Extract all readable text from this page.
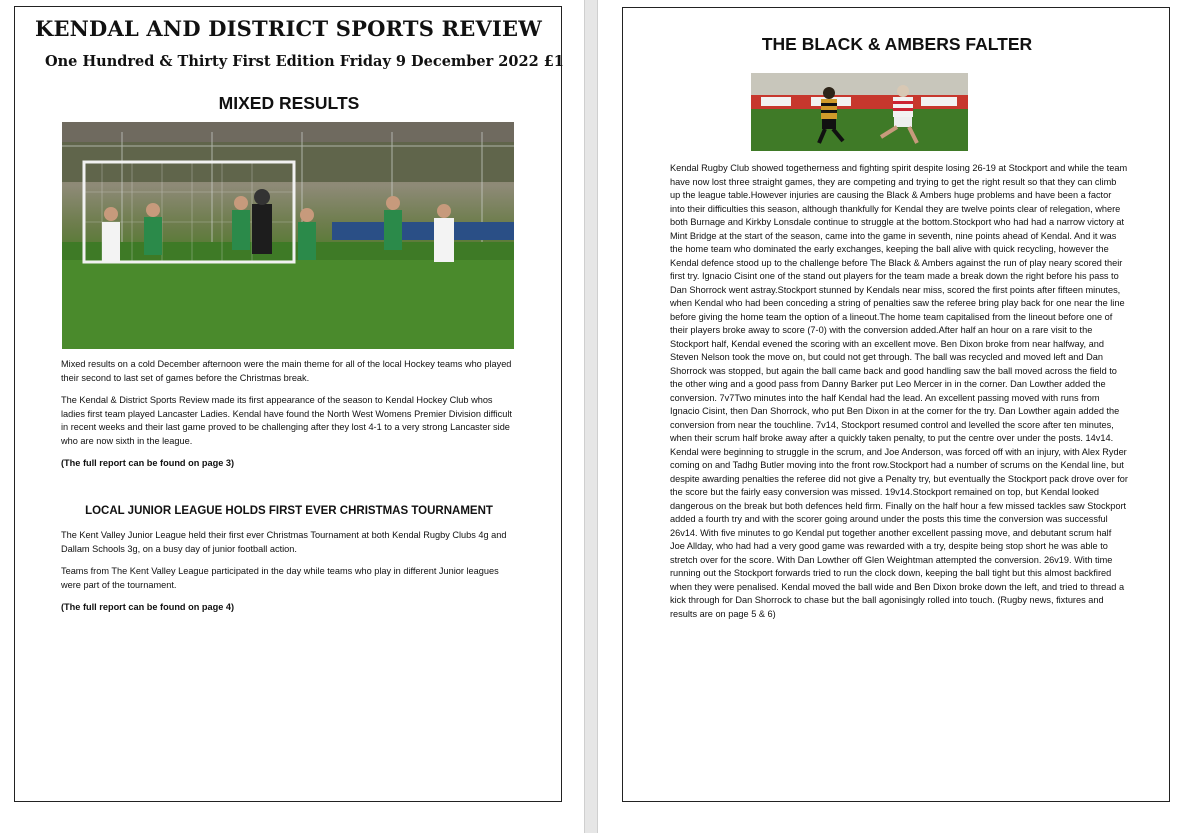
KENDAL AND DISTRICT SPORTS REVIEW
One Hundred & Thirty First Edition Friday 9 December 2022 £1
MIXED RESULTS

Mixed results on a cold December afternoon were the main theme for all of the local Hockey teams who played their second to last set of games before the Christmas break.

The Kendal & District Sports Review made its first appearance of the season to Kendal Hockey Club whos ladies first team played Lancaster Ladies. Kendal have found the North West Womens Premier Division difficult in recent weeks and their last game proved to be challenging after they lost 4-1 to a very strong Lancaster side who are now sixth in the league.

(The full report can be found on page 3)

LOCAL JUNIOR LEAGUE HOLDS FIRST EVER CHRISTMAS TOURNAMENT

The Kent Valley Junior League held their first ever Christmas Tournament at both Kendal Rugby Clubs 4g and Dallam Schools 3g, on a busy day of junior football action.

Teams from The Kent Valley League participated in the day while teams who play in different Junior leagues were part of the tournament.

(The full report can be found on page 4)

THE BLACK & AMBERS FALTER

Kendal Rugby Club showed togetherness and fighting spirit despite losing 26-19 at Stockport and while the team have now lost three straight games, they are competing and trying to get the right result so that they can climb up the league table.However injuries are causing the Black & Ambers huge problems and have been a factor into their difficulties this season, although thankfully for Kendal they are twelve points clear of relegation, where both Burnage and Kirkby Lonsdale continue to struggle at the bottom.Stockport who had had a narrow victory at Mint Bridge at the start of the season, came into the game in seventh, nine points ahead of Kendal. And it was the home team who dominated the early exchanges, keeping the ball alive with quick recycling, however the Kendal defence stood up to the challenge before The Black & Ambers against the run of play neary scored their first try. Ignacio Cisint one of the stand out players for the team made a break down the right before his pass to Dan Shorrock went astray.Stockport stunned by Kendals near miss, scored the first points after fifteen minutes, when Kendal who had been conceding a string of penalties saw the referee bring play back for one near the line before giving the home team the option of a lineout.The home team capitalised from the lineout before one of their players broke away to score (7-0) with the conversion added.After half an hour on a rare visit to the Stockport half, Kendal evened the scoring with an excellent move. Ben Dixon broke from near halfway, and Steven Nelson took the move on, but could not get through. The ball was recycled and moved left and Dan Shorrock was stopped, but again the ball came back and good handling saw the ball moved across the field to the other wing and a good pass from Danny Barker put Leo Mercer in in the corner. Dan Lowther added the conversion. 7v7Two minutes into the half Kendal had the lead. An excellent passing moved with runs from Ignacio Cisint, then Dan Shorrock, who put Ben Dixon in at the corner for the try. Dan Lowther again added the conversion from near the touchline. 7v14, Stockport resumed control and levelled the score after ten minutes, when their scrum half broke away after a quickly taken penalty, to put the centre over under the posts. 14v14. Kendal were beginning to struggle in the scrum, and Joe Anderson, was forced off with an injury, with Alex Ryder coming on and Tadhg Butler moving into the front row.Stockport had a number of scrums on the Kendal line, but despite awarding penalties the referee did not give a Penalty try, but eventually the Stockport pack drove over for the score but the fairly easy conversion was missed. 19v14.Stockport remained on top, but Kendal looked dangerous on the break but both defences held firm. Finally on the half hour a few missed tackles saw Stockport added a fourth try and with the scorer going around under the posts this time the conversion was successful 26v14. With five minutes to go Kendal put together another excellent passing move, and debutant scrum half Joe Allday, who had had a very good game was rewarded with a try, despite being stop short he was able to stretch over for the score. With Dan Lowther off Glen Weightman attempted the conversion. 26v19. With time running out the Stockport forwards tried to run the clock down, keeping the ball tight but this almost backfired when they were penalised. Kendal moved the ball wide and Ben Dixon broke down the left, and tried to thread a kick through for Dan Shorrock to chase but the ball agonisingly rolled into touch. (Rugby news, fixtures and results are on page 5 & 6)
